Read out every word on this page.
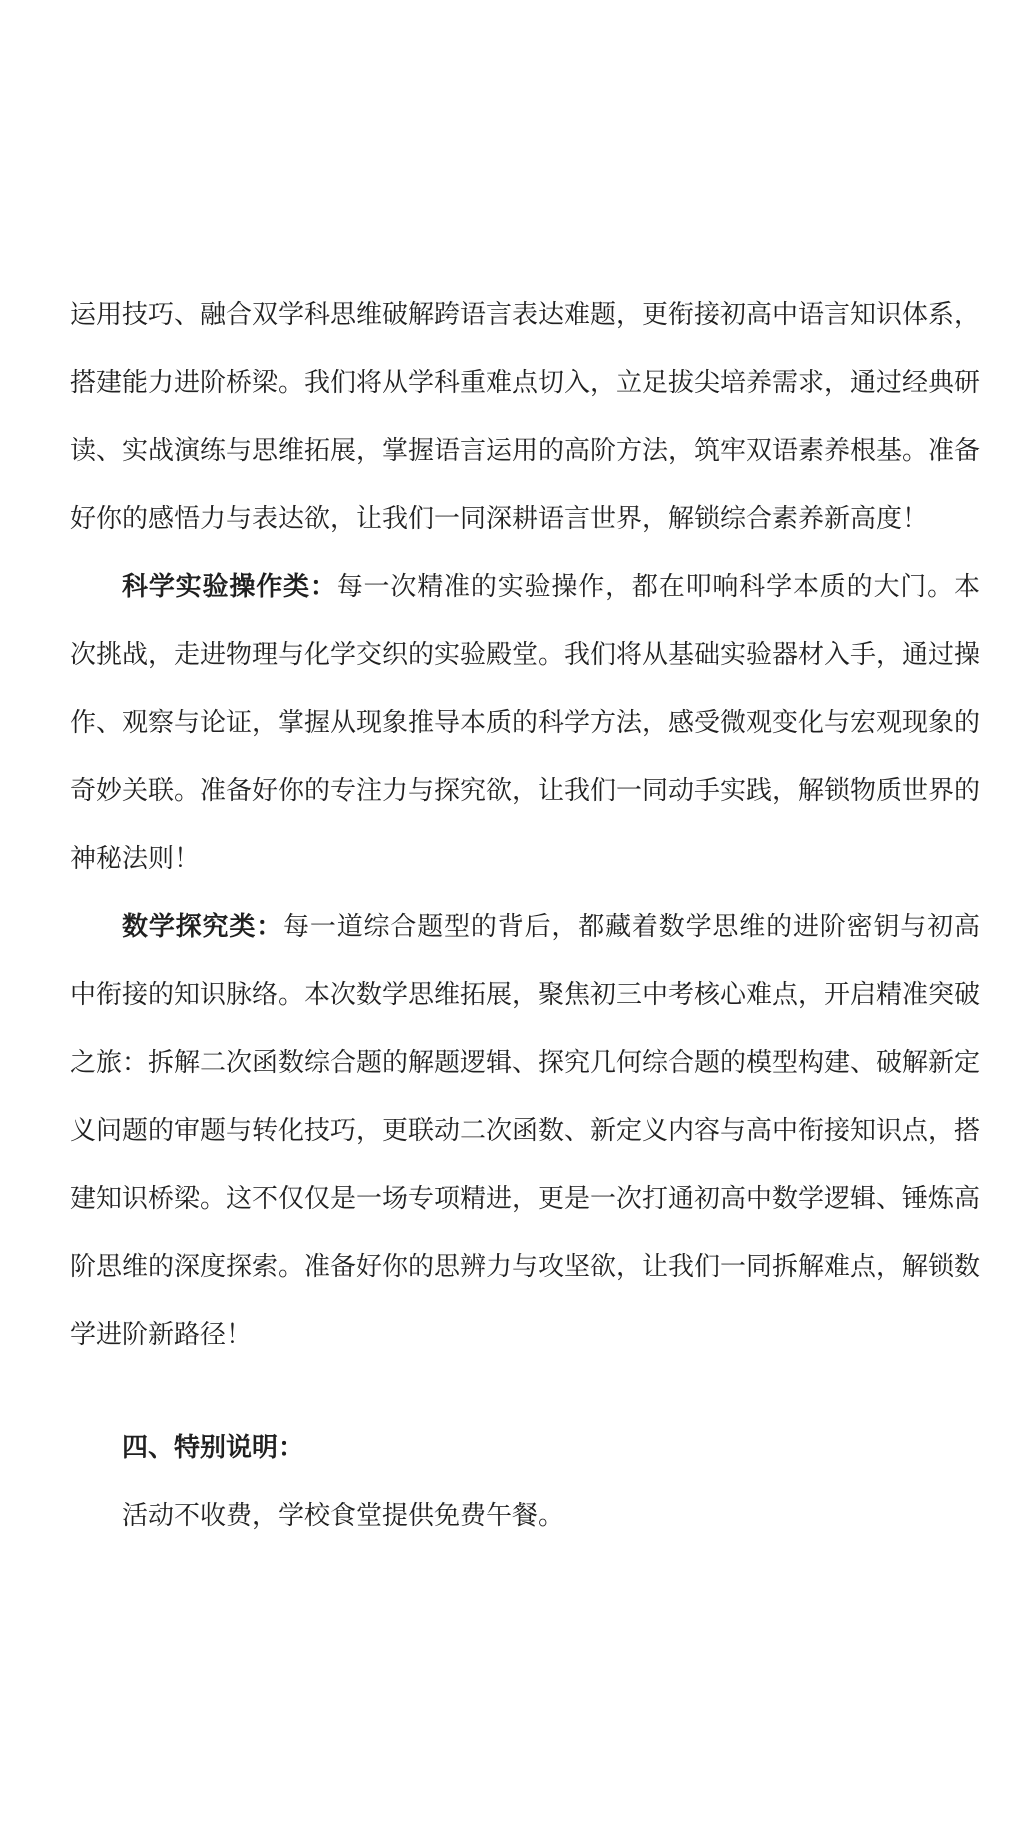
运用技巧、融合双学科思维破解跨语言表达难题，更衔接初高中语言知识体系，搭建能力进阶桥梁。我们将从学科重难点切入，立足拔尖培养需求，通过经典研读、实战演练与思维拓展，掌握语言运用的高阶方法，筑牢双语素养根基。准备好你的感悟力与表达欲，让我们一同深耕语言世界，解锁综合素养新高度！

科学实验操作类：每一次精准的实验操作，都在叩响科学本质的大门。本次挑战，走进物理与化学交织的实验殿堂。我们将从基础实验器材入手，通过操作、观察与论证，掌握从现象推导本质的科学方法，感受微观变化与宏观现象的奇妙关联。准备好你的专注力与探究欲，让我们一同动手实践，解锁物质世界的神秘法则！

数学探究类：每一道综合题型的背后，都藏着数学思维的进阶密钥与初高中衔接的知识脉络。本次数学思维拓展，聚焦初三中考核心难点，开启精准突破之旅：拆解二次函数综合题的解题逻辑、探究几何综合题的模型构建、破解新定义问题的审题与转化技巧，更联动二次函数、新定义内容与高中衔接知识点，搭建知识桥梁。这不仅仅是一场专项精进，更是一次打通初高中数学逻辑、锤炼高阶思维的深度探索。准备好你的思辨力与攻坚欲，让我们一同拆解难点，解锁数学进阶新路径！

四、特别说明：

活动不收费，学校食堂提供免费午餐。
